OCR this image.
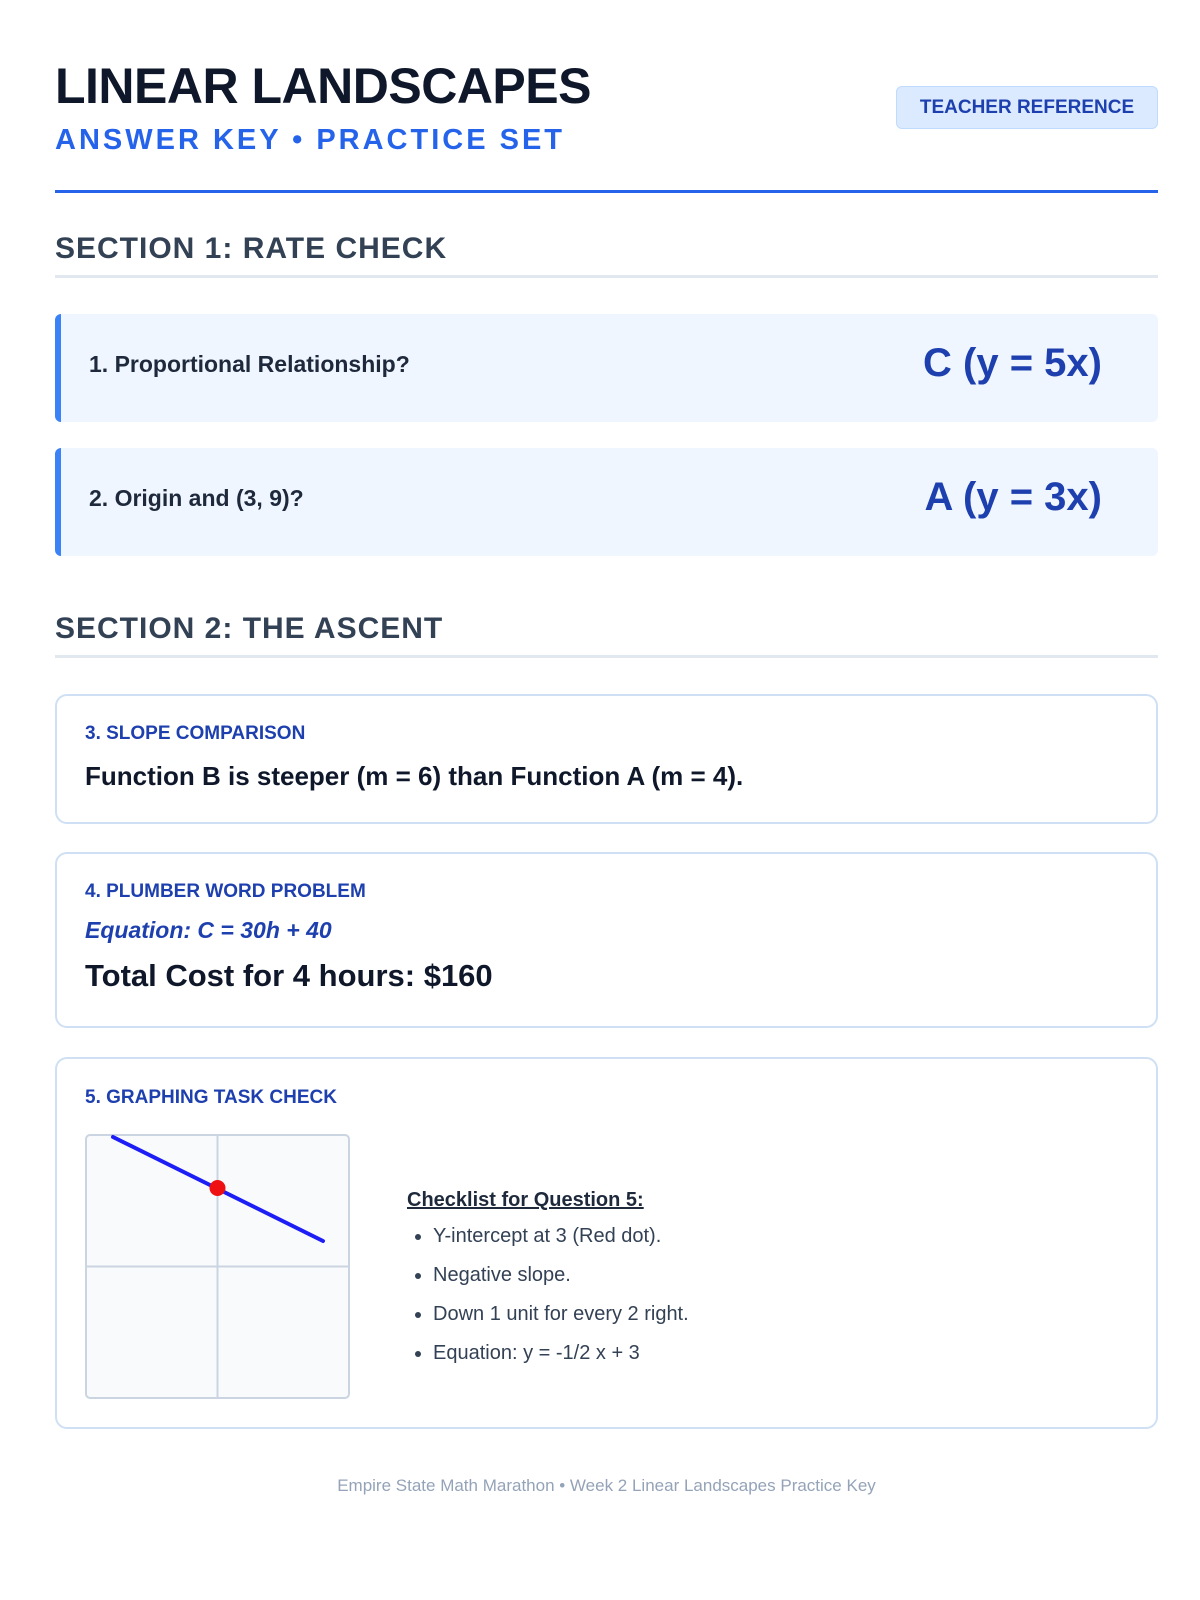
LINEAR LANDSCAPES
ANSWER KEY • PRACTICE SET
TEACHER REFERENCE
SECTION 1: RATE CHECK
1. Proportional Relationship?	C (y = 5x)
2. Origin and (3, 9)?	A (y = 3x)
SECTION 2: THE ASCENT
3. SLOPE COMPARISON
Function B is steeper (m = 6) than Function A (m = 4).
4. PLUMBER WORD PROBLEM
Equation: C = 30h + 40
Total Cost for 4 hours: $160
5. GRAPHING TASK CHECK
Checklist for Question 5:
• Y-intercept at 3 (Red dot).
• Negative slope.
• Down 1 unit for every 2 right.
• Equation: y = -1/2 x + 3
Empire State Math Marathon • Week 2 Linear Landscapes Practice Key
